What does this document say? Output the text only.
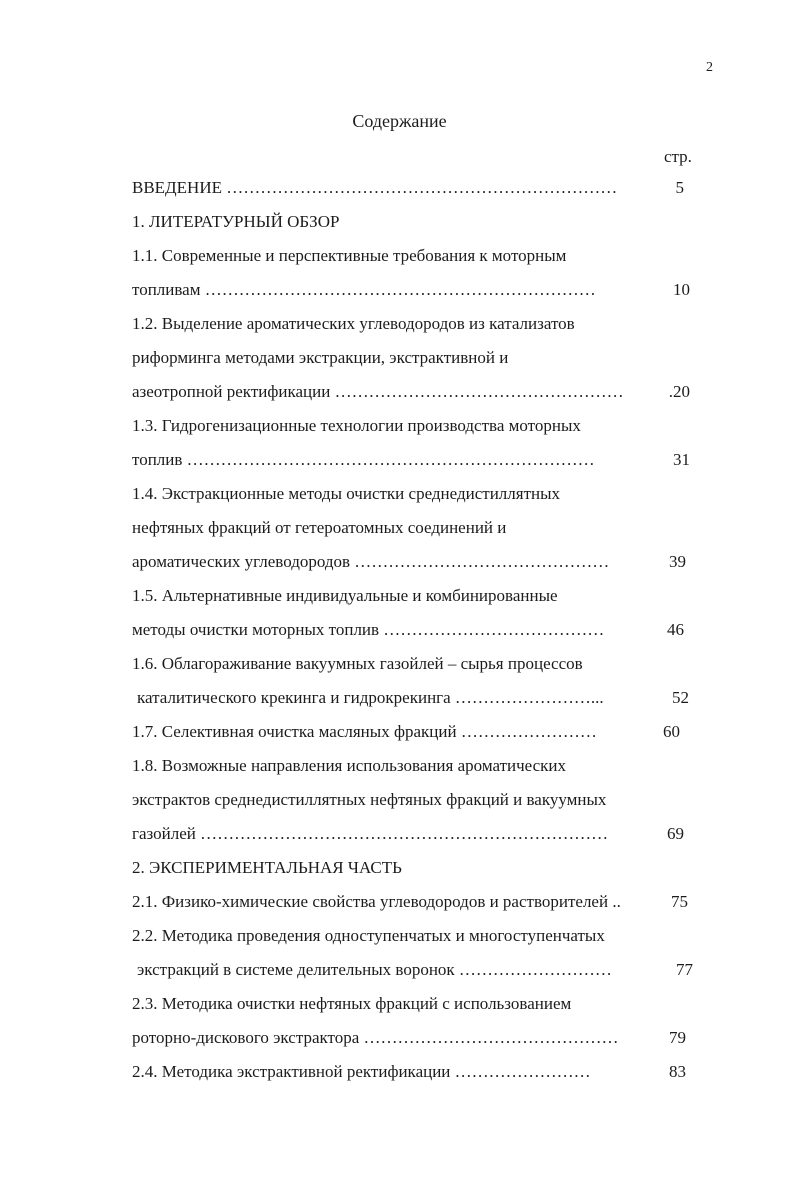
2
Содержание
стр.
ВВЕДЕНИЕ ……………………………………………………………	5
1. ЛИТЕРАТУРНЫЙ ОБЗОР
1.1. Современные и перспективные требования к моторным
топливам ……………………………………………………………	10
1.2. Выделение ароматических углеводородов из катализатов
риформинга методами экстракции, экстрактивной и
азеотропной ректификации ……………………………………………	.20
1.3. Гидрогенизационные технологии производства моторных
топлив ………………………………………………………………	31
1.4. Экстракционные методы очистки среднедистиллятных
нефтяных фракций от гетероатомных соединений и
ароматических углеводородов ………………………………………	39
1.5. Альтернативные индивидуальные и комбинированные
методы очистки моторных топлив …………………………………	46
1.6. Облагораживание вакуумных газойлей – сырья процессов
каталитического крекинга и гидрокрекинга ……………………...	52
1.7. Селективная очистка масляных фракций ……………………	60
1.8. Возможные направления использования ароматических
экстрактов среднедистиллятных нефтяных фракций и вакуумных
газойлей ………………………………………………………………	69
2. ЭКСПЕРИМЕНТАЛЬНАЯ ЧАСТЬ
2.1. Физико-химические свойства углеводородов и растворителей ..	75
2.2. Методика проведения одноступенчатых и многоступенчатых
экстракций в системе делительных воронок ………………………	77
2.3. Методика очистки нефтяных фракций с использованием
роторно-дискового экстрактора ………………………………………	79
2.4. Методика экстрактивной ректификации ……………………	83
